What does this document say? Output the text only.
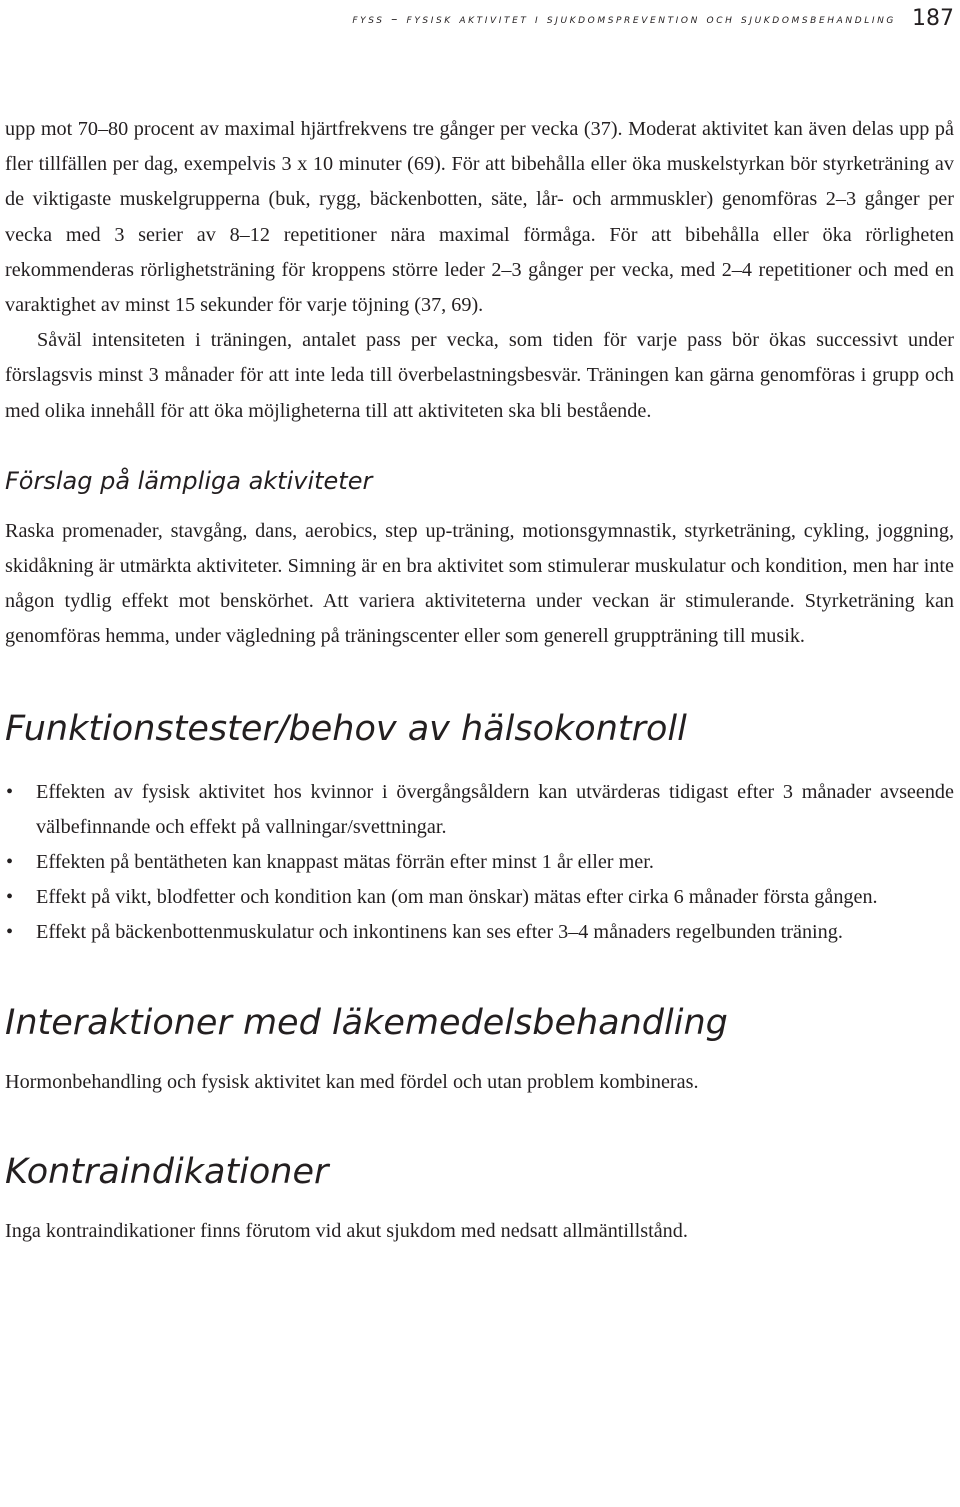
fyss – fysisk aktivitet i sjukdomsprevention och sjukdomsbehandling 187

upp mot 70–80 procent av maximal hjärtfrekvens tre gånger per vecka (37). Moderat aktivitet kan även delas upp på fler tillfällen per dag, exempelvis 3 x 10 minuter (69). För att bibehålla eller öka muskelstyrkan bör styrketräning av de viktigaste muskelgrupperna (buk, rygg, bäckenbotten, säte, lår- och armmuskler) genomföras 2–3 gånger per vecka med 3 serier av 8–12 repetitioner nära maximal förmåga. För att bibehålla eller öka rörligheten rekommenderas rörlighetsträning för kroppens större leder 2–3 gånger per vecka, med 2–4 repetitioner och med en varaktighet av minst 15 sekunder för varje töjning (37, 69).

Såväl intensiteten i träningen, antalet pass per vecka, som tiden för varje pass bör ökas successivt under förslagsvis minst 3 månader för att inte leda till överbelastningsbesvär. Träningen kan gärna genomföras i grupp och med olika innehåll för att öka möjligheterna till att aktiviteten ska bli bestående.

Förslag på lämpliga aktiviteter

Raska promenader, stavgång, dans, aerobics, step up-träning, motionsgymnastik, styrketräning, cykling, joggning, skidåkning är utmärkta aktiviteter. Simning är en bra aktivitet som stimulerar muskulatur och kondition, men har inte någon tydlig effekt mot benskörhet. Att variera aktiviteterna under veckan är stimulerande. Styrketräning kan genomföras hemma, under vägledning på träningscenter eller som generell gruppträning till musik.

Funktionstester/behov av hälsokontroll
• Effekten av fysisk aktivitet hos kvinnor i övergångsåldern kan utvärderas tidigast efter 3 månader avseende välbefinnande och effekt på vallningar/svettningar.
• Effekten på bentätheten kan knappast mätas förrän efter minst 1 år eller mer.
• Effekt på vikt, blodfetter och kondition kan (om man önskar) mätas efter cirka 6 månader första gången.
• Effekt på bäckenbottenmuskulatur och inkontinens kan ses efter 3–4 månaders regelbunden träning.
Interaktioner med läkemedelsbehandling

Hormonbehandling och fysisk aktivitet kan med fördel och utan problem kombineras.

Kontraindikationer

Inga kontraindikationer finns förutom vid akut sjukdom med nedsatt allmäntillstånd.
